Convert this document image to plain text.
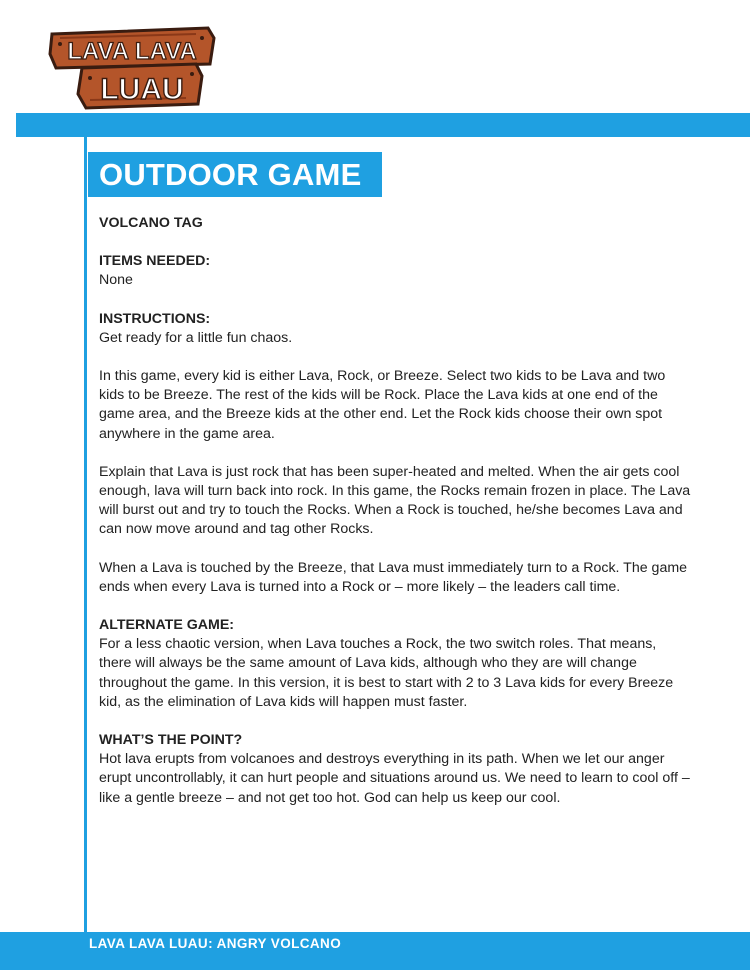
LAVA LAVA
LUAU
OUTDOOR GAME

VOLCANO TAG

ITEMS NEEDED:
None

INSTRUCTIONS:
Get ready for a little fun chaos.

In this game, every kid is either Lava, Rock, or Breeze. Select two kids to be Lava and two kids to be Breeze. The rest of the kids will be Rock. Place the Lava kids at one end of the game area, and the Breeze kids at the other end. Let the Rock kids choose their own spot anywhere in the game area.

Explain that Lava is just rock that has been super-heated and melted. When the air gets cool enough, lava will turn back into rock. In this game, the Rocks remain frozen in place. The Lava will burst out and try to touch the Rocks. When a Rock is touched, he/she becomes Lava and can now move around and tag other Rocks.

When a Lava is touched by the Breeze, that Lava must immediately turn to a Rock. The game ends when every Lava is turned into a Rock or – more likely – the leaders call time.

ALTERNATE GAME:
For a less chaotic version, when Lava touches a Rock, the two switch roles. That means, there will always be the same amount of Lava kids, although who they are will change throughout the game. In this version, it is best to start with 2 to 3 Lava kids for every Breeze kid, as the elimination of Lava kids will happen must faster.

WHAT’S THE POINT?
Hot lava erupts from volcanoes and destroys everything in its path. When we let our anger erupt uncontrollably, it can hurt people and situations around us. We need to learn to cool off – like a gentle breeze – and not get too hot. God can help us keep our cool.

LAVA LAVA LUAU: ANGRY VOLCANO
